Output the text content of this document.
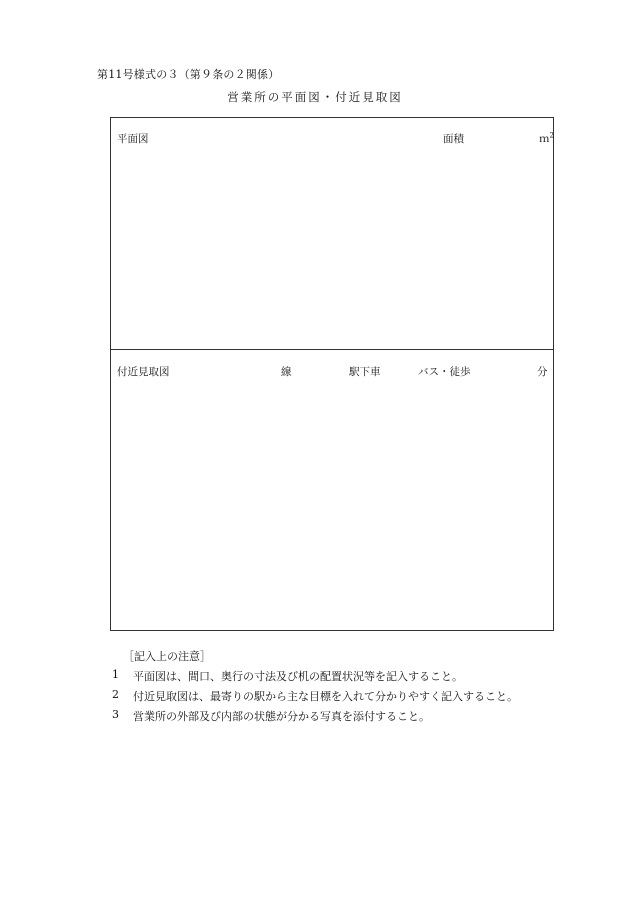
第11号様式の３（第９条の２関係）
営業所の平面図・付近見取図
平面図	面積	ｍ$^2$
付近見取図	線	駅下車	バス・徒歩	分
［記入上の注意］
1 平面図は、間口、奥行の寸法及び机の配置状況等を記入すること。
2 付近見取図は、最寄りの駅から主な目標を入れて分かりやすく記入すること。
3 営業所の外部及び内部の状態が分かる写真を添付すること。
